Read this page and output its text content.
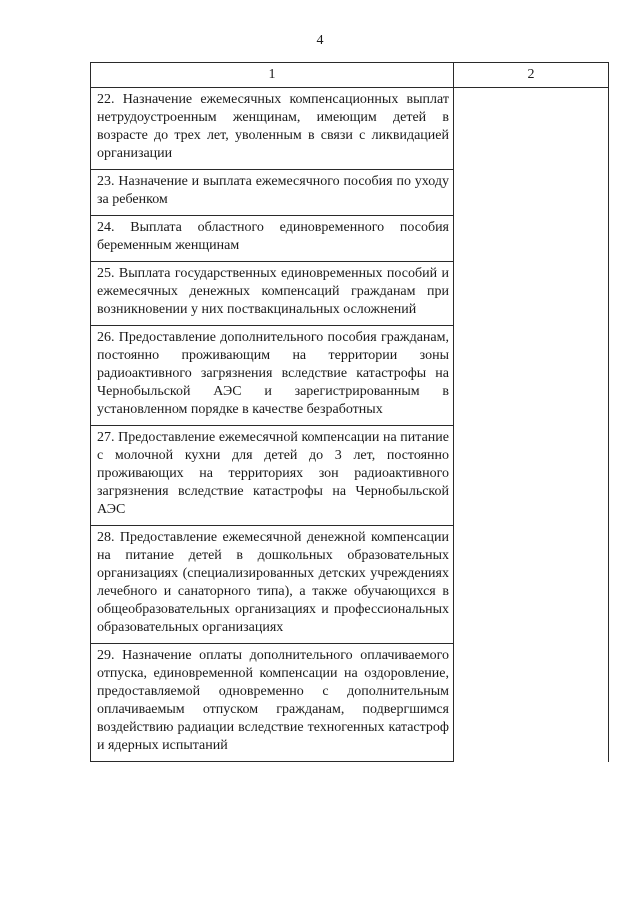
4
1	2

22. Назначение ежемесячных компенсационных выплат нетрудоустроенным женщинам, имеющим детей в возрасте до трех лет, уволенным в связи с ликвидацией организации	

23. Назначение и выплата ежемесячного пособия по уходу за ребенком	

24. Выплата областного единовременного пособия беременным женщинам	

25. Выплата государственных единовременных пособий и ежемесячных денежных компенсаций гражданам при возникновении у них поствакцинальных осложнений	

26. Предоставление дополнительного пособия гражданам, постоянно проживающим на территории зоны радиоактивного загрязнения вследствие катастрофы на Чернобыльской АЭС и зарегистрированным в установленном порядке в качестве безработных	

27. Предоставление ежемесячной компенсации на питание с молочной кухни для детей до 3 лет, постоянно проживающих на территориях зон радиоактивного загрязнения вследствие катастрофы на Чернобыльской АЭС	

28. Предоставление ежемесячной денежной компенсации на питание детей в дошкольных образовательных организациях (специализированных детских учреждениях лечебного и санаторного типа), а также обучающихся в общеобразовательных организациях и профессиональных образовательных организациях	

29. Назначение оплаты дополнительного оплачиваемого отпуска, единовременной компенсации на оздоровление, предоставляемой одновременно с дополнительным оплачиваемым отпуском гражданам, подвергшимся воздействию радиации вследствие техногенных катастроф и ядерных испытаний	
